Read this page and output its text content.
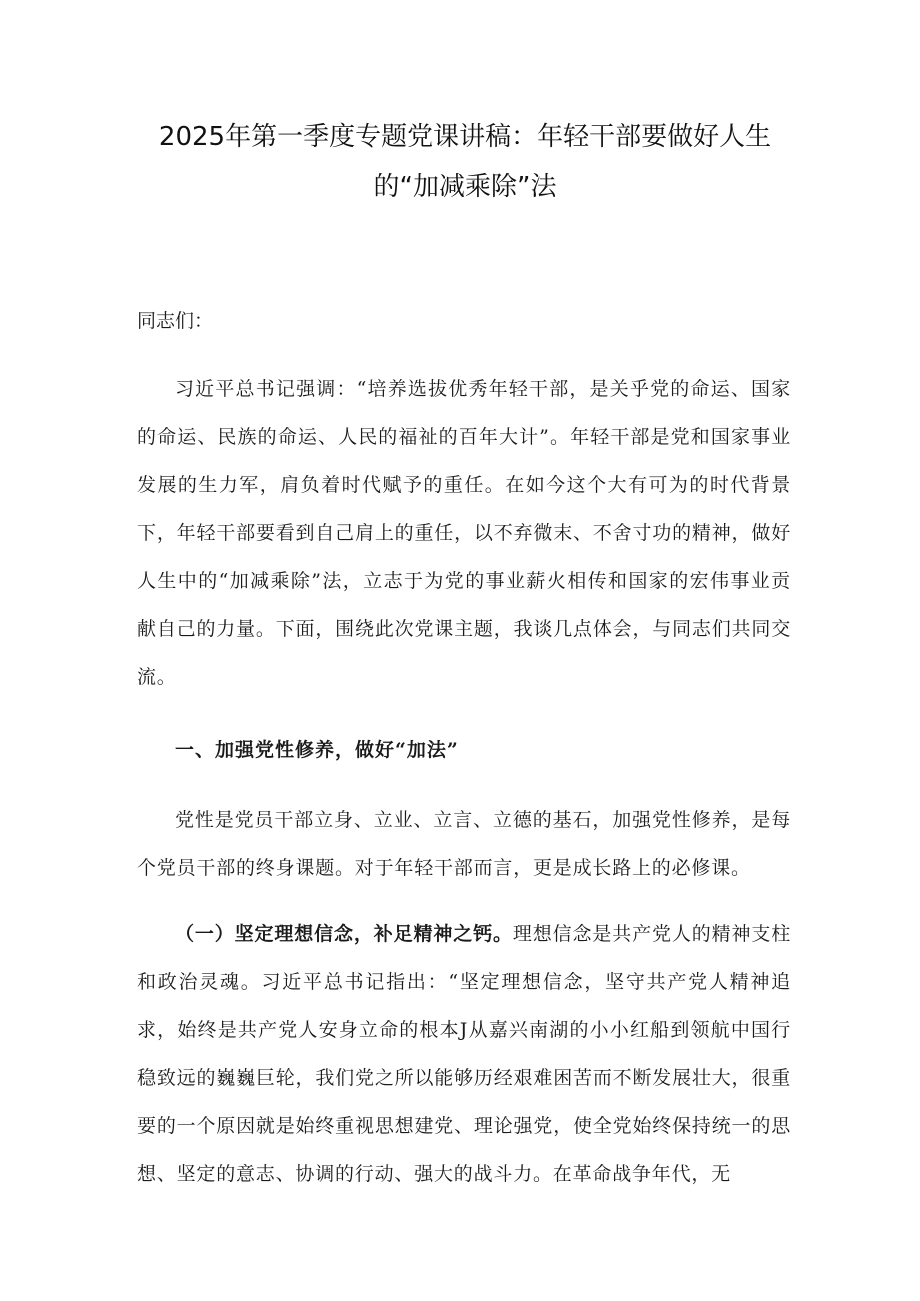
2025年第一季度专题党课讲稿：年轻干部要做好人生
的“加减乘除”法

同志们：

习近平总书记强调：“培养选拔优秀年轻干部，是关乎党的命运、国家的命运、民族的命运、人民的福祉的百年大计”。年轻干部是党和国家事业发展的生力军，肩负着时代赋予的重任。在如今这个大有可为的时代背景下，年轻干部要看到自己肩上的重任，以不弃微末、不舍寸功的精神，做好人生中的“加减乘除”法，立志于为党的事业薪火相传和国家的宏伟事业贡献自己的力量。下面，围绕此次党课主题，我谈几点体会，与同志们共同交流。

一、加强党性修养，做好“加法”

党性是党员干部立身、立业、立言、立德的基石，加强党性修养，是每个党员干部的终身课题。对于年轻干部而言，更是成长路上的必修课。

（一）坚定理想信念，补足精神之钙。理想信念是共产党人的精神支柱和政治灵魂。习近平总书记指出：“坚定理想信念，坚守共产党人精神追求，始终是共产党人安身立命的根本J从嘉兴南湖的小小红船到领航中国行稳致远的巍巍巨轮，我们党之所以能够历经艰难困苦而不断发展壮大，很重要的一个原因就是始终重视思想建党、理论强党，使全党始终保持统一的思想、坚定的意志、协调的行动、强大的战斗力。在革命战争年代，无
